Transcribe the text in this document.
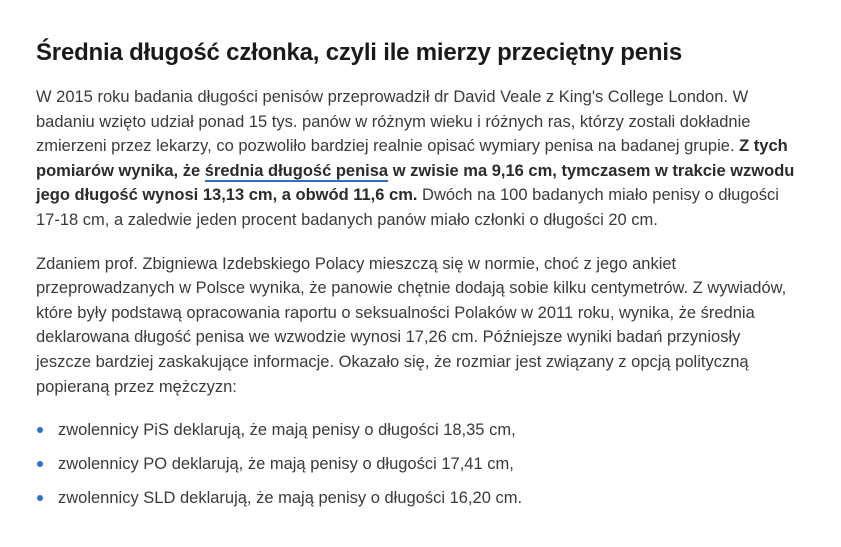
Średnia długość członka, czyli ile mierzy przeciętny penis

W 2015 roku badania długości penisów przeprowadził dr David Veale z King's College London. W badaniu wzięto udział ponad 15 tys. panów w różnym wieku i różnych ras, którzy zostali dokładnie zmierzeni przez lekarzy, co pozwoliło bardziej realnie opisać wymiary penisa na badanej grupie. Z tych pomiarów wynika, że średnia długość penisa w zwisie ma 9,16 cm, tymczasem w trakcie wzwodu jego długość wynosi 13,13 cm, a obwód 11,6 cm. Dwóch na 100 badanych miało penisy o długości 17-18 cm, a zaledwie jeden procent badanych panów miało członki o długości 20 cm.

Zdaniem prof. Zbigniewa Izdebskiego Polacy mieszczą się w normie, choć z jego ankiet przeprowadzanych w Polsce wynika, że panowie chętnie dodają sobie kilku centymetrów. Z wywiadów, które były podstawą opracowania raportu o seksualności Polaków w 2011 roku, wynika, że średnia deklarowana długość penisa we wzwodzie wynosi 17,26 cm. Późniejsze wyniki badań przyniosły jeszcze bardziej zaskakujące informacje. Okazało się, że rozmiar jest związany z opcją polityczną popieraną przez mężczyzn:

zwolennicy PiS deklarują, że mają penisy o długości 18,35 cm,
zwolennicy PO deklarują, że mają penisy o długości 17,41 cm,
zwolennicy SLD deklarują, że mają penisy o długości 16,20 cm.
